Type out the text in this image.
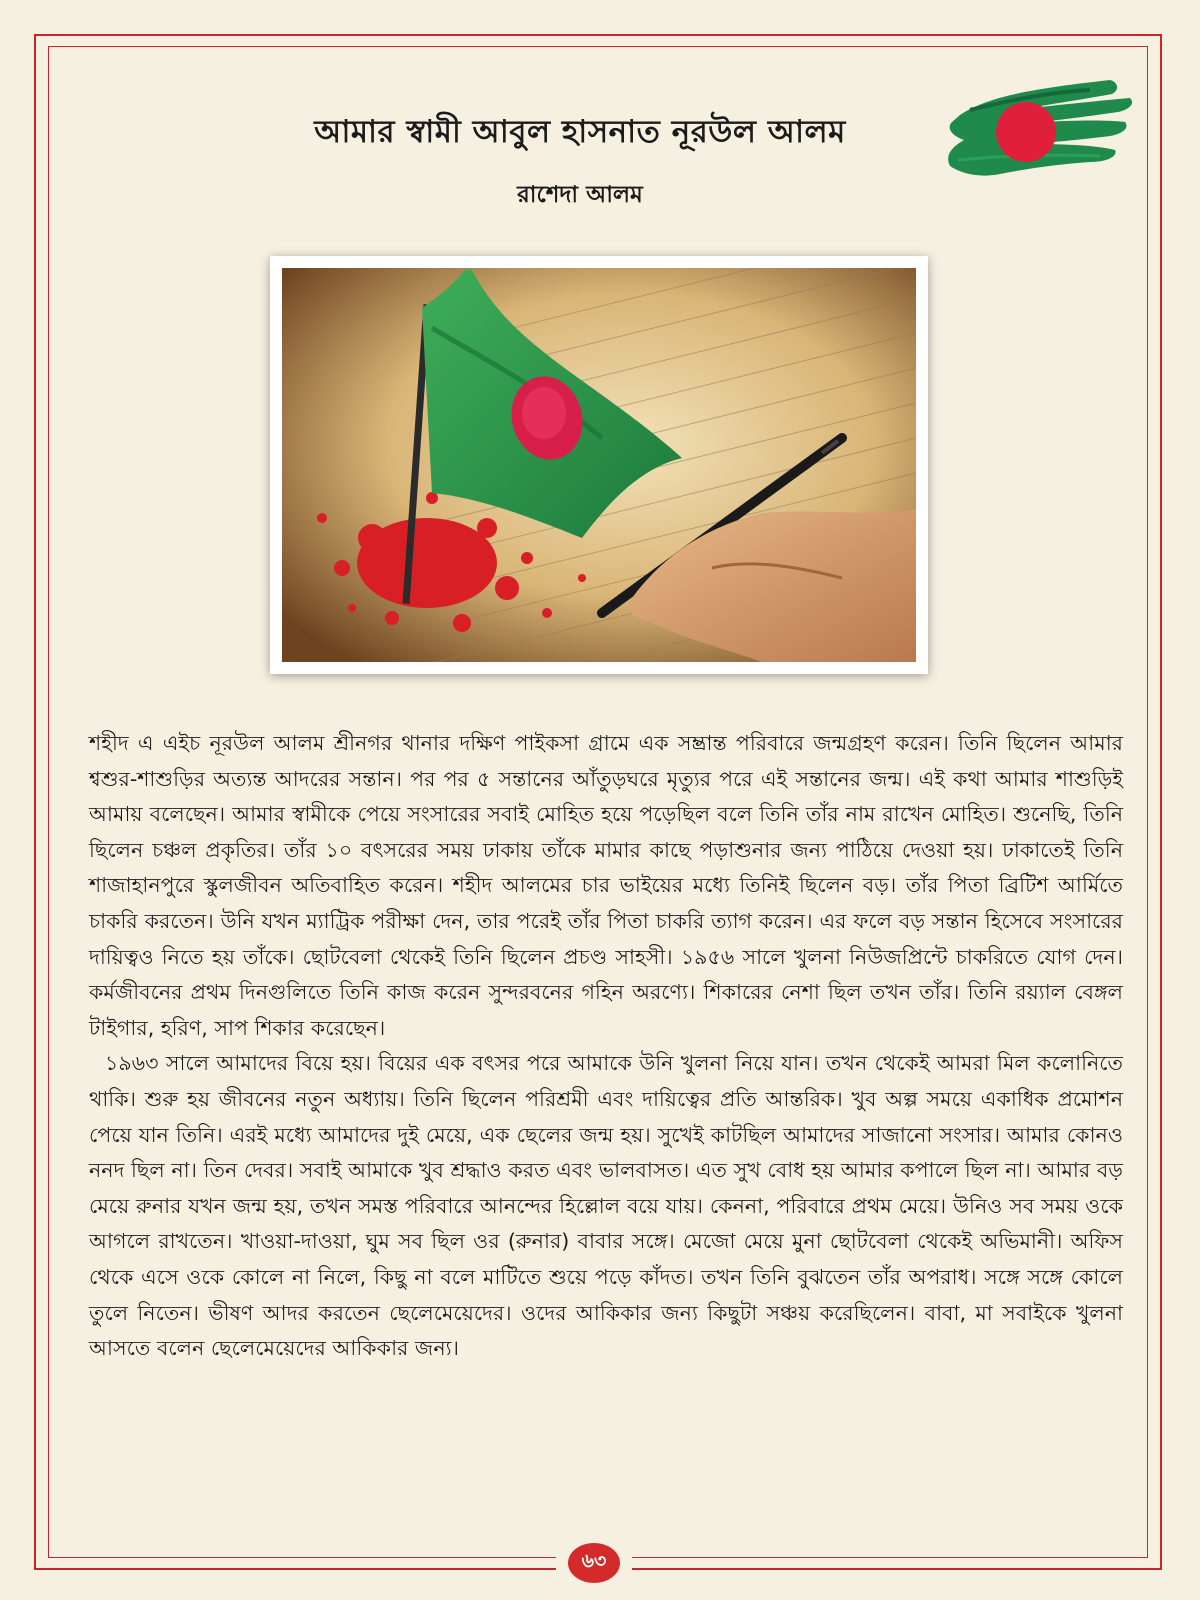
আমার স্বামী আবুল হাসনাত নূরউল আলম
রাশেদা আলম

শহীদ এ এইচ নূরউল আলম শ্রীনগর থানার দক্ষিণ পাইকসা গ্রামে এক সম্ভ্রান্ত পরিবারে জন্মগ্রহণ করেন। তিনি ছিলেন আমার শ্বশুর-শাশুড়ির অত্যন্ত আদরের সন্তান। পর পর ৫ সন্তানের আঁতুড়ঘরে মৃত্যুর পরে এই সন্তানের জন্ম। এই কথা আমার শাশুড়িই আমায় বলেছেন। আমার স্বামীকে পেয়ে সংসারের সবাই মোহিত হয়ে পড়েছিল বলে তিনি তাঁর নাম রাখেন মোহিত। শুনেছি, তিনি ছিলেন চঞ্চল প্রকৃতির। তাঁর ১০ বৎসরের সময় ঢাকায় তাঁকে মামার কাছে পড়াশুনার জন্য পাঠিয়ে দেওয়া হয়। ঢাকাতেই তিনি শাজাহানপুরে স্কুলজীবন অতিবাহিত করেন। শহীদ আলমের চার ভাইয়ের মধ্যে তিনিই ছিলেন বড়। তাঁর পিতা ব্রিটিশ আর্মিতে চাকরি করতেন। উনি যখন ম্যাট্রিক পরীক্ষা দেন, তার পরেই তাঁর পিতা চাকরি ত্যাগ করেন। এর ফলে বড় সন্তান হিসেবে সংসারের দায়িত্বও নিতে হয় তাঁকে। ছোটবেলা থেকেই তিনি ছিলেন প্রচণ্ড সাহসী। ১৯৫৬ সালে খুলনা নিউজপ্রিন্টে চাকরিতে যোগ দেন। কর্মজীবনের প্রথম দিনগুলিতে তিনি কাজ করেন সুন্দরবনের গহিন অরণ্যে। শিকারের নেশা ছিল তখন তাঁর। তিনি রয়্যাল বেঙ্গল টাইগার, হরিণ, সাপ শিকার করেছেন।

১৯৬৩ সালে আমাদের বিয়ে হয়। বিয়ের এক বৎসর পরে আমাকে উনি খুলনা নিয়ে যান। তখন থেকেই আমরা মিল কলোনিতে থাকি। শুরু হয় জীবনের নতুন অধ্যায়। তিনি ছিলেন পরিশ্রমী এবং দায়িত্বের প্রতি আন্তরিক। খুব অল্প সময়ে একাধিক প্রমোশন পেয়ে যান তিনি। এরই মধ্যে আমাদের দুই মেয়ে, এক ছেলের জন্ম হয়। সুখেই কাটছিল আমাদের সাজানো সংসার। আমার কোনও ননদ ছিল না। তিন দেবর। সবাই আমাকে খুব শ্রদ্ধাও করত এবং ভালবাসত। এত সুখ বোধ হয় আমার কপালে ছিল না। আমার বড় মেয়ে রুনার যখন জন্ম হয়, তখন সমস্ত পরিবারে আনন্দের হিল্লোল বয়ে যায়। কেননা, পরিবারে প্রথম মেয়ে। উনিও সব সময় ওকে আগলে রাখতেন। খাওয়া-দাওয়া, ঘুম সব ছিল ওর (রুনার) বাবার সঙ্গে। মেজো মেয়ে মুনা ছোটবেলা থেকেই অভিমানী। অফিস থেকে এসে ওকে কোলে না নিলে, কিছু না বলে মাটিতে শুয়ে পড়ে কাঁদত। তখন তিনি বুঝতেন তাঁর অপরাধ। সঙ্গে সঙ্গে কোলে তুলে নিতেন। ভীষণ আদর করতেন ছেলেমেয়েদের। ওদের আকিকার জন্য কিছুটা সঞ্চয় করেছিলেন। বাবা, মা সবাইকে খুলনা আসতে বলেন ছেলেমেয়েদের আকিকার জন্য।

৬৩
